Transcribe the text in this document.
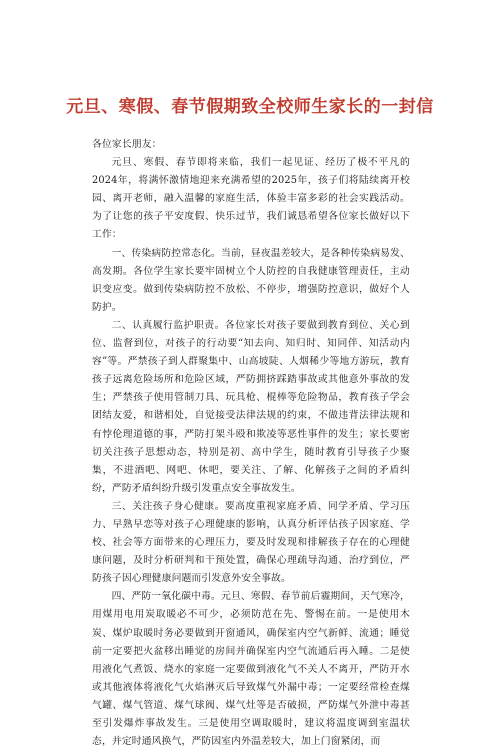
元旦、寒假、春节假期致全校师生家长的一封信

各位家长朋友：

元旦、寒假、春节即将来临，我们一起见证、经历了极不平凡的2024年，将满怀激情地迎来充满希望的2025年，孩子们将陆续离开校园、离开老师，融入温馨的家庭生活，体验丰富多彩的社会实践活动。为了让您的孩子平安度假、快乐过节，我们诚恳希望各位家长做好以下工作：

一、传染病防控常态化。当前，昼夜温差较大，是各种传染病易发、高发期。各位学生家长要牢固树立个人防控的自我健康管理责任，主动识变应变。做到传染病防控不放松、不停步，增强防控意识，做好个人防护。

二、认真履行监护职责。各位家长对孩子要做到教育到位、关心到位、监督到位，对孩子的行动要“知去向、知归时、知同伴、知活动内容”等。严禁孩子到人群聚集中、山高坡陡、人烟稀少等地方游玩，教育孩子远离危险场所和危险区域，严防拥挤踩踏事故或其他意外事故的发生；严禁孩子使用管制刀具、玩具枪、棍棒等危险物品，教育孩子学会团结友爱，和谐相处，自觉接受法律法规的约束，不做违背法律法规和有悖伦理道德的事，严防打架斗殴和欺凌等恶性事件的发生；家长要密切关注孩子思想动态，特别是初、高中学生，随时教育引导孩子少聚集，不进酒吧、网吧、休吧，要关注、了解、化解孩子之间的矛盾纠纷，严防矛盾纠纷升级引发重点安全事故发生。

三、关注孩子身心健康。要高度重视家庭矛盾、同学矛盾、学习压力、早熟早恋等对孩子心理健康的影响，认真分析评估孩子因家庭、学校、社会等方面带来的心理压力，要及时发现和排解孩子存在的心理健康问题，及时分析研判和干预处置，确保心理疏导沟通、治疗到位，严防孩子因心理健康问题而引发意外安全事故。

四、严防一氧化碳中毒。元旦、寒假、春节前后霾期间，天气寒冷，用煤用电用炭取暖必不可少，必须防范在先、警惕在前。一是使用木炭、煤炉取暖时务必要做到开窗通风，确保室内空气新鲜、流通；睡觉前一定要把火盆移出睡觉的房间并确保室内空气流通后再入睡。二是使用液化气煮饭、烧水的家庭一定要做到液化气不关人不离开，严防开水或其他液体将液化气火焰淋灭后导致煤气外漏中毒；一定要经常检查煤气罐、煤气管道、煤气球阀、煤气灶等是否破损，严防煤气外泄中毒甚至引发爆炸事故发生。三是使用空调取暖时，建议将温度调到室温状态，并定时通风换气，严防因室内外温差较大，加上门窗紧闭，而
